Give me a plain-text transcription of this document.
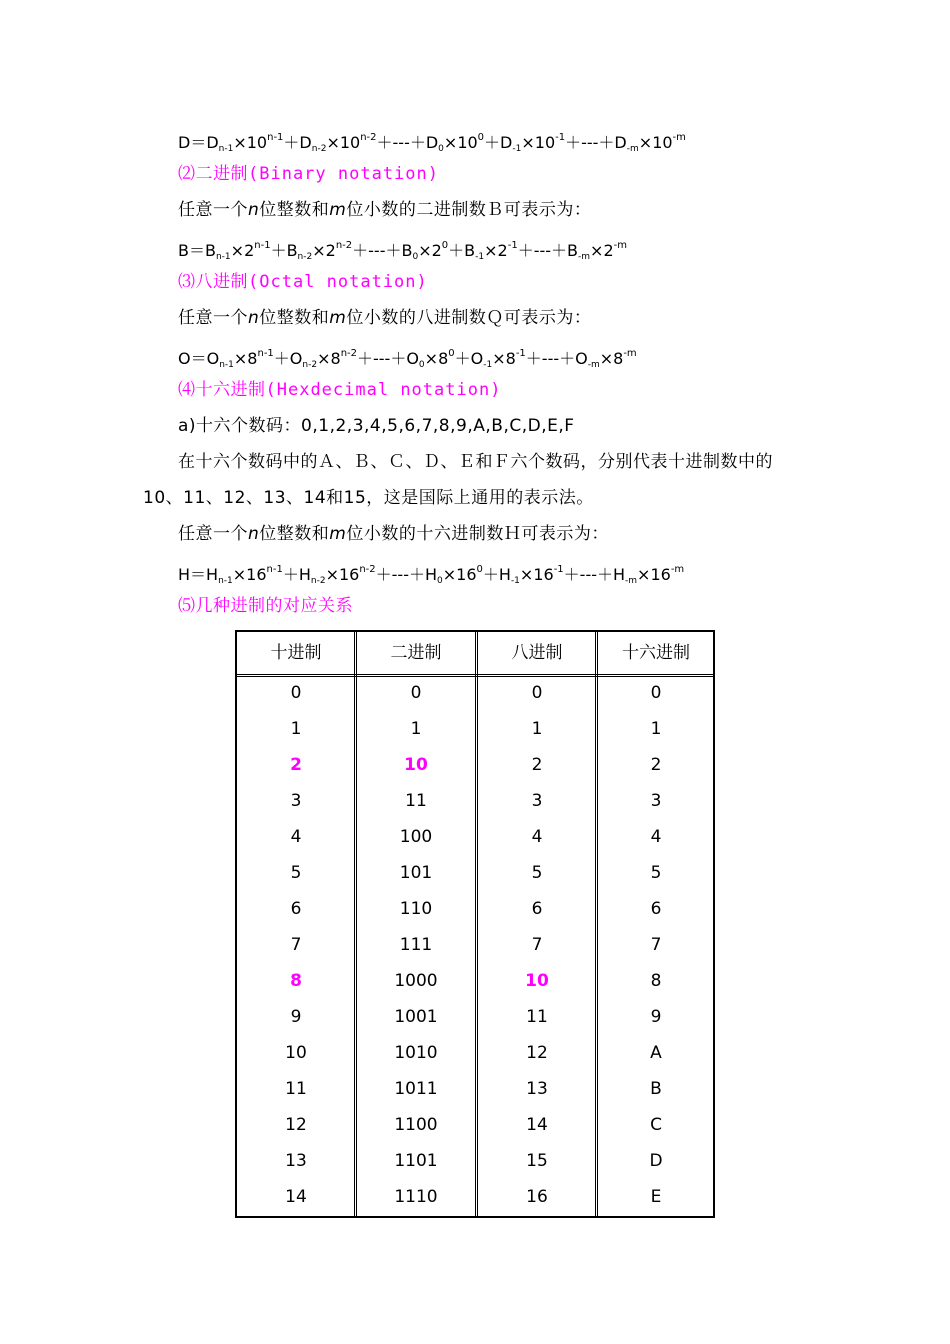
$D=Dn-1\times 10^{n-1}+Dn-2\times 10^{n-2}+---+D0\times 10^0+D-1\times 10^{-1}+---+D-m\times 10^{-m}$
⑵二进制(Binary notation)
任意一个n位整数和m位小数的二进制数Ｂ可表示为：
$B=Bn-1\times 2^{n-1}+Bn-2\times 2^{n-2}+---+B0\times 2^0+B-1\times 2^{-1}+---+B-m\times 2^{-m}$
⑶八进制(Octal notation)
任意一个n位整数和m位小数的八进制数Ｑ可表示为：
$O=On-1\times 8^{n-1}+On-2\times 8^{n-2}+---+O0\times 8^0+O-1\times 8^{-1}+---+O-m\times 8^{-m}$
⑷十六进制(Hexdecimal notation)
a)十六个数码：0,1,2,3,4,5,6,7,8,9,A,B,C,D,E,F
在十六个数码中的Ａ、Ｂ、Ｃ、Ｄ、Ｅ和Ｆ六个数码，分别代表十进制数中的
10、11、12、13、14和15，这是国际上通用的表示法。
任意一个n位整数和m位小数的十六进制数Ｈ可表示为：
$H=Hn-1\times 16^{n-1}+Hn-2\times 16^{n-2}+---+H0\times 16^0+H-1\times 16^{-1}+---+H-m\times 16^{-m}$
⑸几种进制的对应关系
十进制	二进制	八进制	十六进制
0	0	0	0
1	1	1	1
2	10	2	2
3	11	3	3
4	100	4	4
5	101	5	5
6	110	6	6
7	111	7	7
8	1000	10	8
9	1001	11	9
10	1010	12	A
11	1011	13	B
12	1100	14	C
13	1101	15	D
14	1110	16	E
